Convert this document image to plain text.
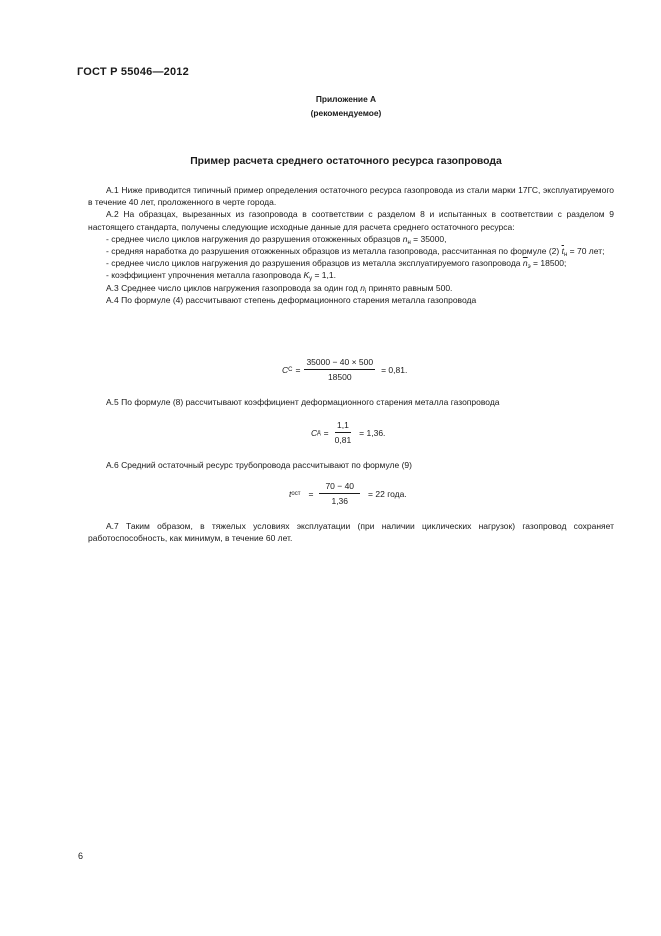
ГОСТ Р 55046—2012
Приложение А
(рекомендуемое)
Пример расчета среднего остаточного ресурса газопровода

А.1 Ниже приводится типичный пример определения остаточного ресурса газопровода из стали марки 17ГС, эксплуатируемого в течение 40 лет, проложенного в черте города.

А.2 На образцах, вырезанных из газопровода в соответствии с разделом 8 и испытанных в соответствии с разделом 9 настоящего стандарта, получены следующие исходные данные для расчета среднего остаточного ресурса:

- среднее число циклов нагружения до разрушения отожженных образцов $n_н = 35000$,

- средняя наработка до разрушения отожженных образцов из металла газопровода, рассчитанная по формуле (2) $\overline{t}_н = 70$ лет;

- среднее число циклов нагружения до разрушения образцов из металла эксплуатируемого газопровода $\overline{n}_э = 18500$;

- коэффициент упрочнения металла газопровода $K_у = 1,1$.

А.3 Среднее число циклов нагружения газопровода за один год $n_i$ принято равным 500.

А.4 По формуле (4) рассчитывают степень деформационного старения металла газопровода

C $C = \frac{35000 - 40 \times 500}{18500} = 0,81$.

А.5 По формуле (8) рассчитывают коэффициент деформационного старения металла газопровода

C $д = \frac{1,1}{0,81} = 1,36$.

А.6 Средний остаточный ресурс трубопровода рассчитывают по формуле (9)

t ост = $\frac{70 - 40}{1,36} = 22$ года.

А.7 Таким образом, в тяжелых условиях эксплуатации (при наличии циклических нагрузок) газопровод сохраняет работоспособность, как минимум, в течение 60 лет.

6
